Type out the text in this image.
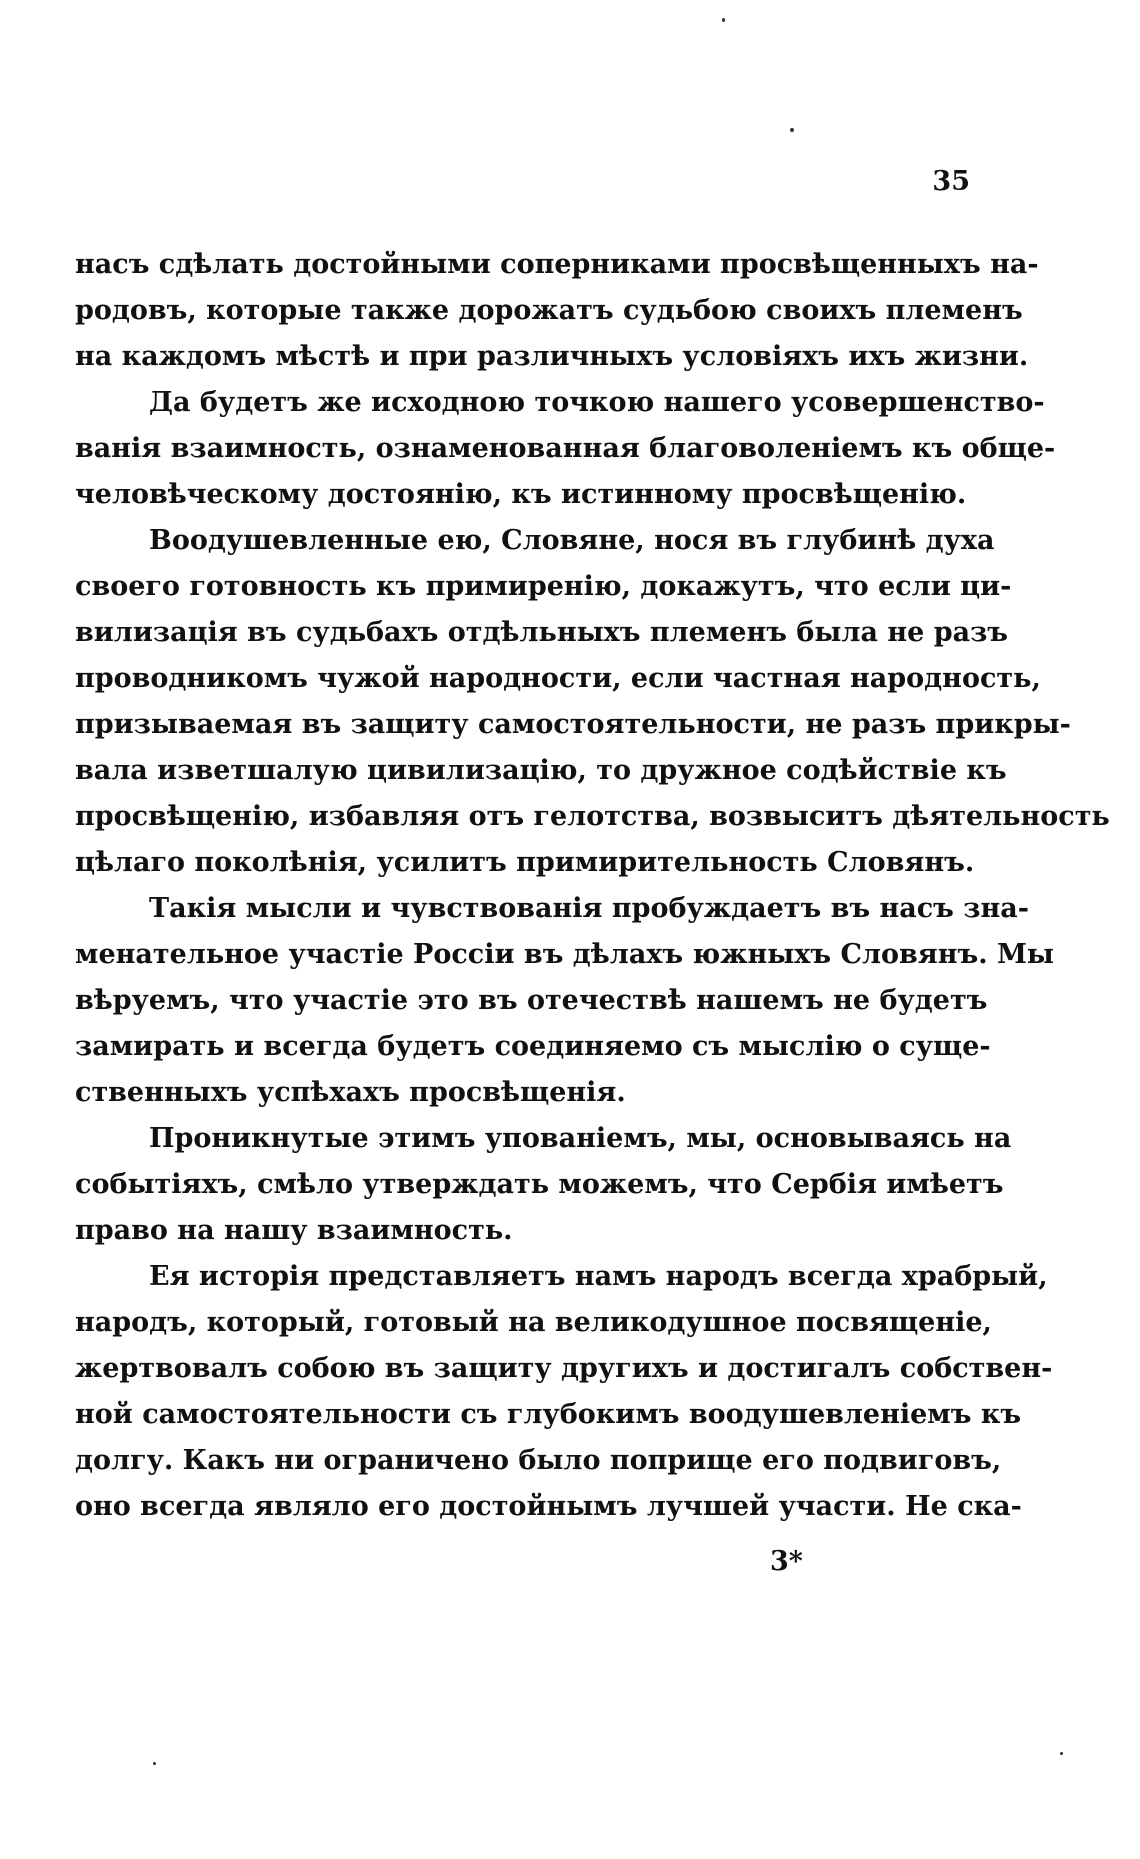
35

насъ сдѣлать достойными соперниками просвѣщенныхъ на-
родовъ, которые также дорожатъ судьбою своихъ племенъ
на каждомъ мѣстѣ и при различныхъ условіяхъ ихъ жизни.

Да будетъ же исходною точкою нашего усовершенство-
ванія взаимность, ознаменованная благоволеніемъ къ обще-
человѣческому достоянію, къ истинному просвѣщенію.

Воодушевленные ею, Словяне, нося въ глубинѣ духа
своего готовность къ примиренію, докажутъ, что если ци-
вилизація въ судьбахъ отдѣльныхъ племенъ была не разъ
проводникомъ чужой народности, если частная народность,
призываемая въ защиту самостоятельности, не разъ прикры-
вала изветшалую цивилизацію, то дружное содѣйствіе къ
просвѣщенію, избавляя отъ гелотства, возвыситъ дѣятельность
цѣлаго поколѣнія, усилитъ примирительность Словянъ.

Такія мысли и чувствованія пробуждаетъ въ насъ зна-
менательное участіе Россіи въ дѣлахъ южныхъ Словянъ. Мы
вѣруемъ, что участіе это въ отечествѣ нашемъ не будетъ
замирать и всегда будетъ соединяемо съ мыслію о суще-
ственныхъ успѣхахъ просвѣщенія.

Проникнутые этимъ упованіемъ, мы, основываясь на
событіяхъ, смѣло утверждать можемъ, что Сербія имѣетъ
право на нашу взаимность.

Ея исторія представляетъ намъ народъ всегда храбрый,
народъ, который, готовый на великодушное посвященіе,
жертвовалъ собою въ защиту другихъ и достигалъ собствен-
ной самостоятельности съ глубокимъ воодушевленіемъ къ
долгу. Какъ ни ограничено было поприще его подвиговъ,
оно всегда являло его достойнымъ лучшей участи. Не ска-

3*
